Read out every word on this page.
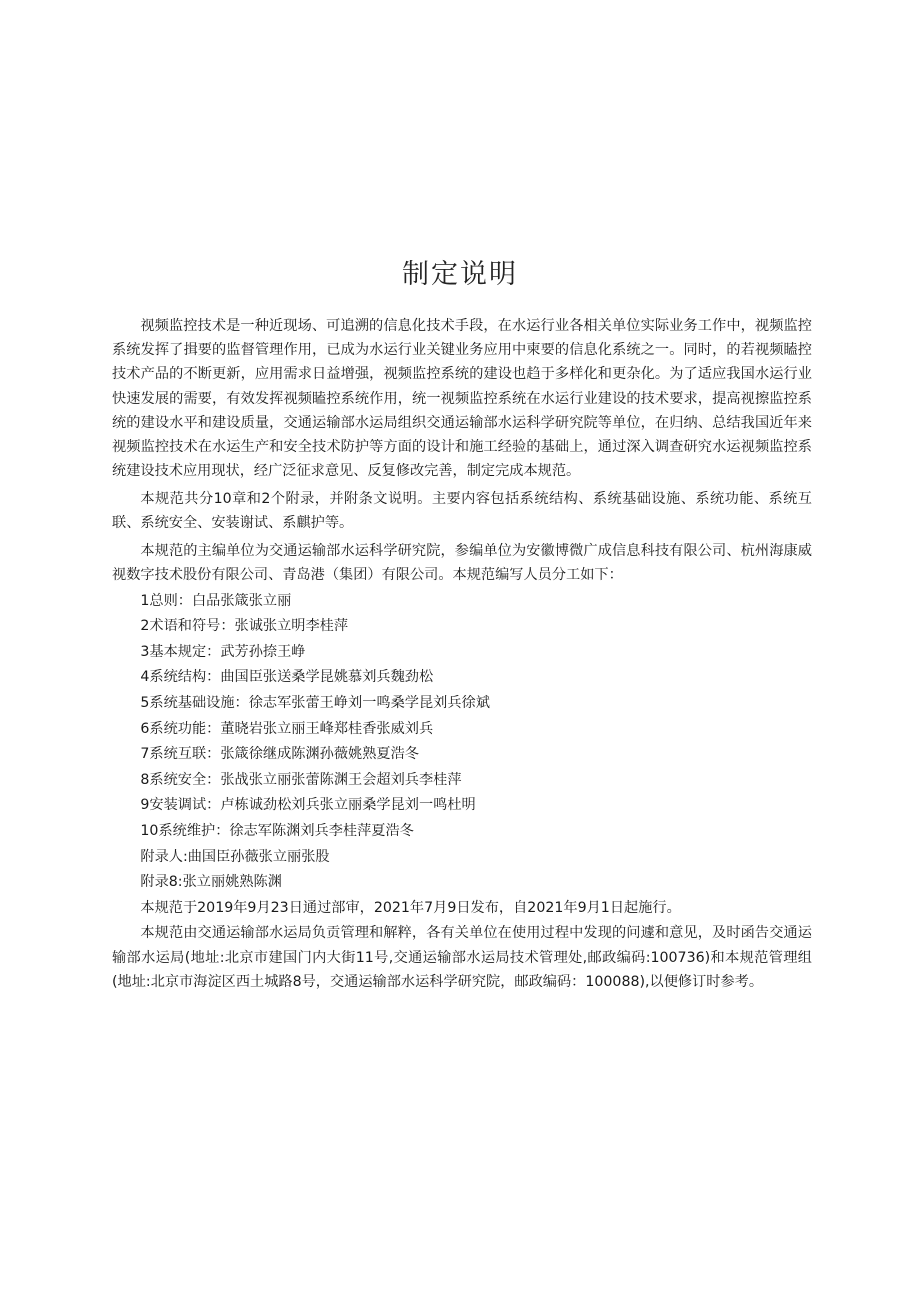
制定说明

视频监控技术是一种近现场、可追溯的信息化技术手段，在水运行业各相关单位实际业务工作中，视频监控系统发挥了揖要的监督管理作用，已成为水运行业关键业务应用中柬要的信息化系统之一。同时，的若视频瞌控技术产品的不断更新，应用需求日益增强，视频监控系统的建设也趋于多样化和更杂化。为了适应我国水运行业快速发展的需要，有效发挥视频瞌控系统作用，统一视频监控系统在水运行业建设的技术要求，提高视擦监控系统的建设水平和建设质量，交通运输部水运局组织交通运输部水运科学研究院等单位，在归纳、总结我国近年来视频监控技术在水运生产和安全技术防护等方面的设计和施工经验的基础上，通过深入调查研究水运视频监控系统建设技术应用现状，经广泛征求意见、反复修改完善，制定完成本规范。

本规范共分10章和2个附录，并附条文说明。主要内容包括系统结构、系统基础设施、系统功能、系统互联、系统安全、安装谢试、系麒护等。

本规范的主编单位为交通运输部水运科学研究院，参编单位为安徽博微广成信息科技有限公司、杭州海康威视数字技术股份有限公司、青岛港（集团）有限公司。本规范编写人员分工如下：

1总则：白品张箴张立丽
2术语和符号：张诚张立明李桂萍
3基本规定：武芳孙捺王峥
4系统结构：曲国臣张送桑学昆姚慕刘兵魏劲松
5系统基础设施：徐志军张蕾王峥刘一鸣桑学昆刘兵徐斌
6系统功能：董晓岩张立丽王峰郑桂香张威刘兵
7系统互联：张箴徐继成陈渊孙薇姚熟夏浩冬
8系统安全：张战张立丽张蕾陈渊王会超刘兵李桂萍
9安装调试：卢栋诚劲松刘兵张立丽桑学昆刘一鸣杜明
10系统维护：徐志军陈渊刘兵李桂萍夏浩冬
附录人:曲国臣孙薇张立丽张股
附录8:张立丽姚熟陈渊

本规范于2019年9月23日通过部审，2021年7月9日发布，自2021年9月1日起施行。

本规范由交通运输部水运局负贡管理和解粹，各有关单位在使用过程中发现的问遽和意见，及时函告交通运输部水运局(地址:北京市建国门内大街11号,交通运输部水运局技术管理处,邮政编码:100736)和本规范管理组(地址:北京市海淀区西土城路8号，交通运输部水运科学研究院，邮政编码：100088),以便修订时参考。
